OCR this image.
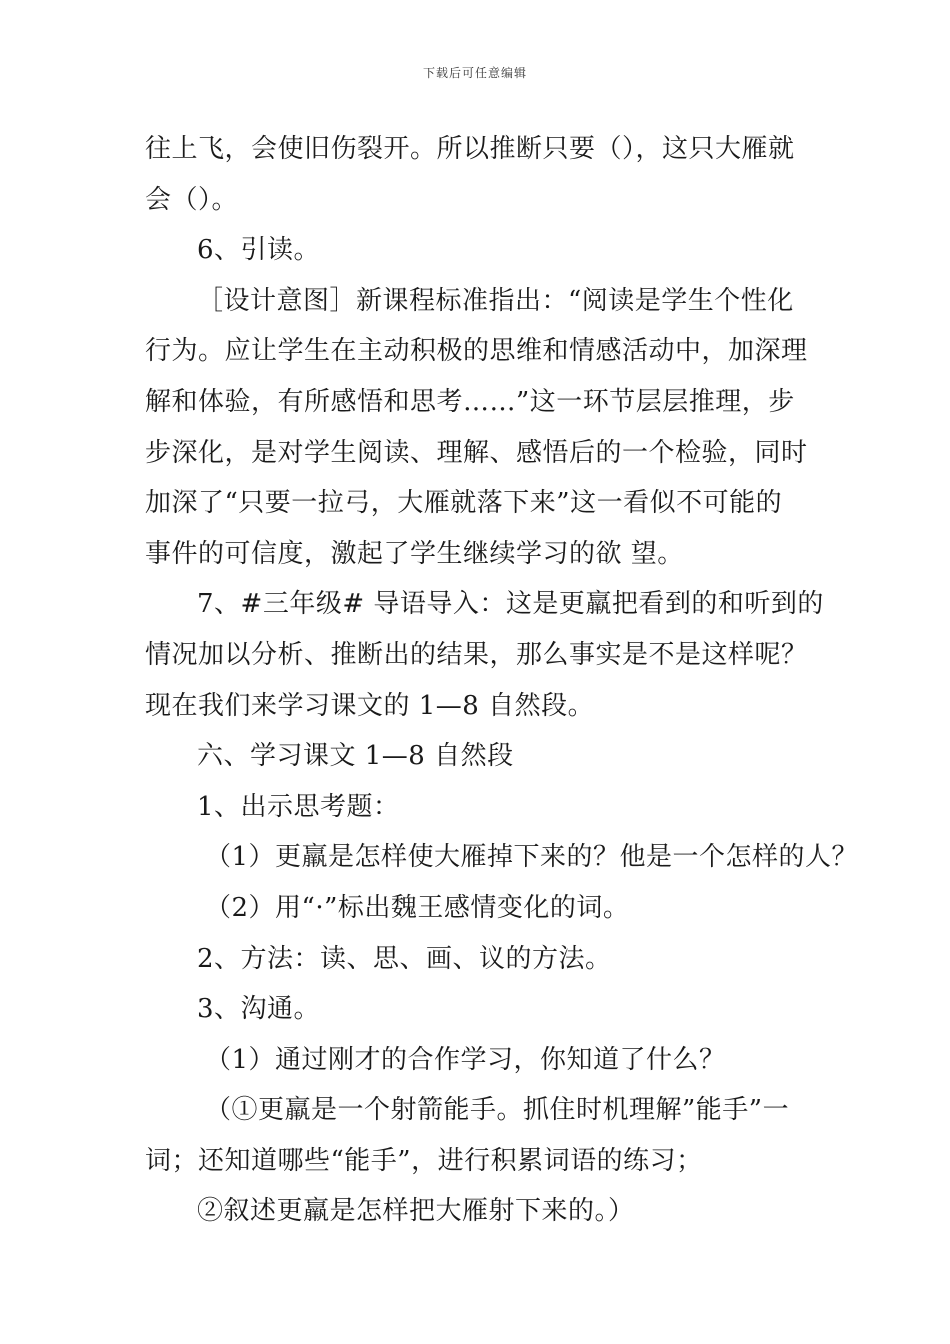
下载后可任意编辑
往上飞，会使旧伤裂开。所以推断只要（），这只大雁就
会（）。
6、引读。
［设计意图］新课程标准指出：“阅读是学生个性化
行为。应让学生在主动积极的思维和情感活动中，加深理
解和体验，有所感悟和思考……”这一环节层层推理，步
步深化，是对学生阅读、理解、感悟后的一个检验，同时
加深了“只要一拉弓，大雁就落下来”这一看似不可能的
事件的可信度，激起了学生继续学习的欲 望。
7、#三年级# 导语导入：这是更羸把看到的和听到的
情况加以分析、推断出的结果，那么事实是不是这样呢？
现在我们来学习课文的 1—8 自然段。
六、学习课文 1—8 自然段
1、出示思考题：
（1）更羸是怎样使大雁掉下来的？他是一个怎样的人？
（2）用“·”标出魏王感情变化的词。
2、方法：读、思、画、议的方法。
3、沟通。
（1）通过刚才的合作学习，你知道了什么？
（①更羸是一个射箭能手。抓住时机理解”能手”一
词；还知道哪些“能手”，进行积累词语的练习；
②叙述更羸是怎样把大雁射下来的。）
